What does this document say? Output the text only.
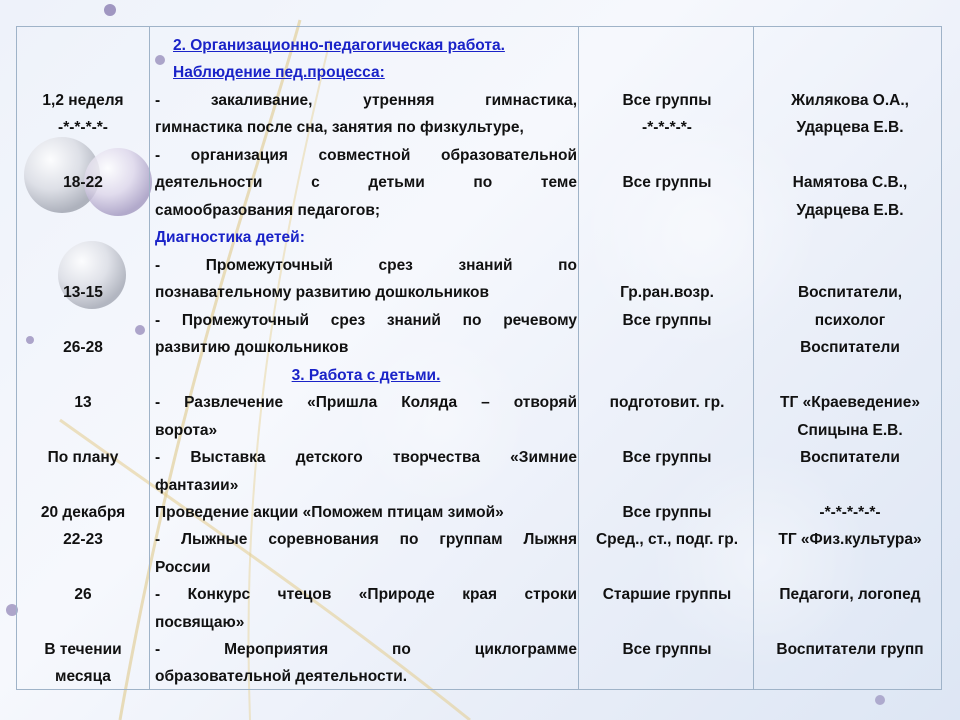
1,2 неделя
-*-*-*-*-
18-22
13-15
26-28
13
По плану
20 декабря
22-23
26
В течении
месяца
2. Организационно-педагогическая работа.
Наблюдение пед.процесса:
- закаливание, утренняя гимнастика,
гимнастика после сна, занятия по физкультуре,
- организация совместной образовательной
деятельности с детьми по теме
самообразования педагогов;
Диагностика детей:
- Промежуточный срез знаний по
познавательному развитию дошкольников
- Промежуточный срез знаний по речевому
развитию дошкольников
3. Работа с детьми.
- Развлечение «Пришла Коляда – отворяй
ворота»
- Выставка детского творчества «Зимние
фантазии»
Проведение акции «Поможем птицам зимой»
- Лыжные соревнования по группам Лыжня
России
- Конкурс чтецов «Природе края строки
посвящаю»
- Мероприятия по циклограмме
образовательной деятельности.
Все группы
-*-*-*-*-
Все группы
Гр.ран.возр.
Все группы
подготовит. гр.
Все группы
Все группы
Сред., ст., подг. гр.
Старшие группы
Все группы
Жилякова О.А.,
Ударцева Е.В.
Намятова С.В.,
Ударцева Е.В.
Воспитатели,
психолог
Воспитатели
ТГ «Краеведение»
Спицына Е.В.
Воспитатели
-*-*-*-*-*-
ТГ «Физ.культура»
Педагоги, логопед
Воспитатели групп
